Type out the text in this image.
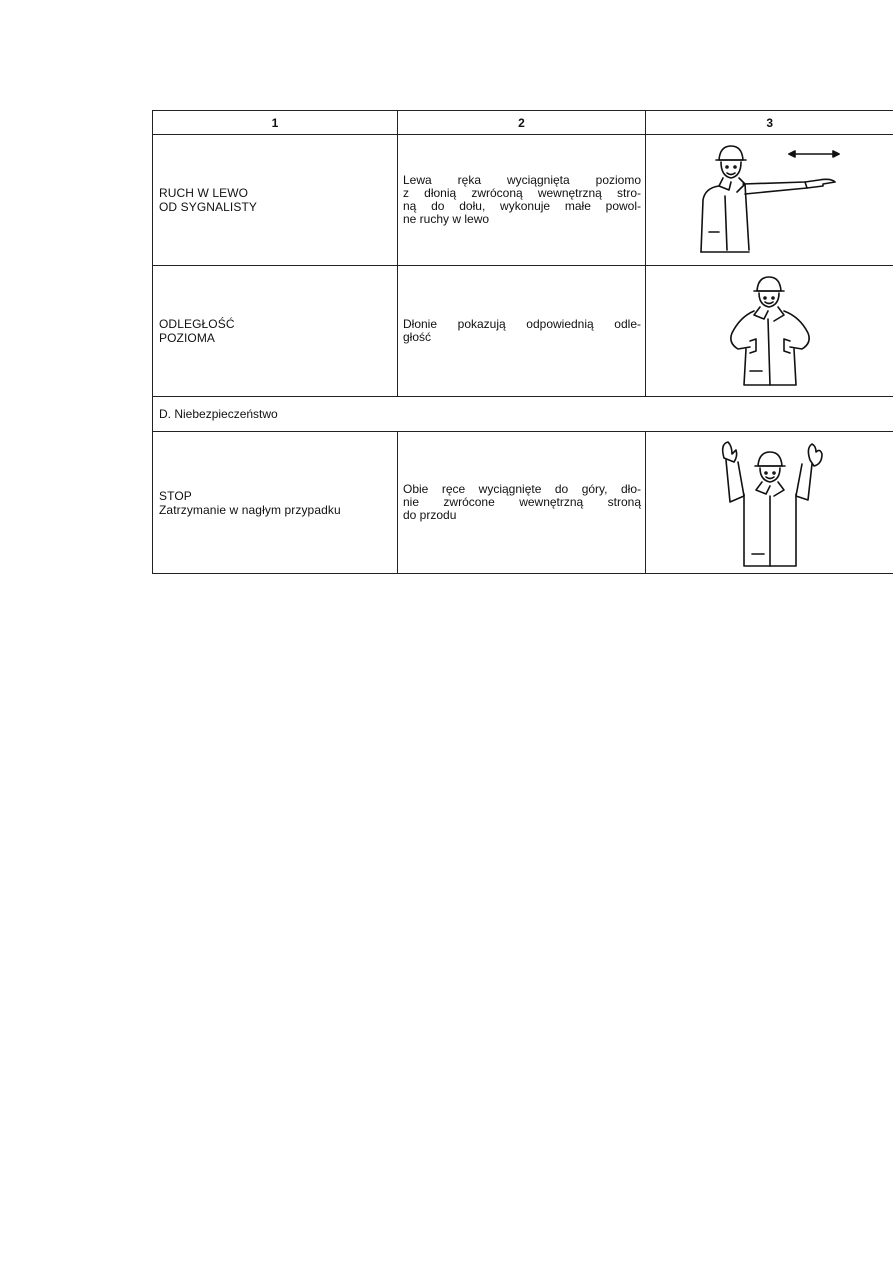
1	2	3

RUCH W LEWO
OD SYGNALISTY	Lewa ręka wyciągnięta poziomo
z dłonią zwróconą wewnętrzną stro-
ną do dołu, wykonuje małe powol-
ne ruchy w lewo

ODLEGŁOŚĆ
POZIOMA	Dłonie pokazują odpowiednią odle-
głość

D. Niebezpieczeństwo		

STOP
Zatrzymanie w nagłym przypadku	Obie ręce wyciągnięte do góry, dło-
nie zwrócone wewnętrzną stroną
do przodu
